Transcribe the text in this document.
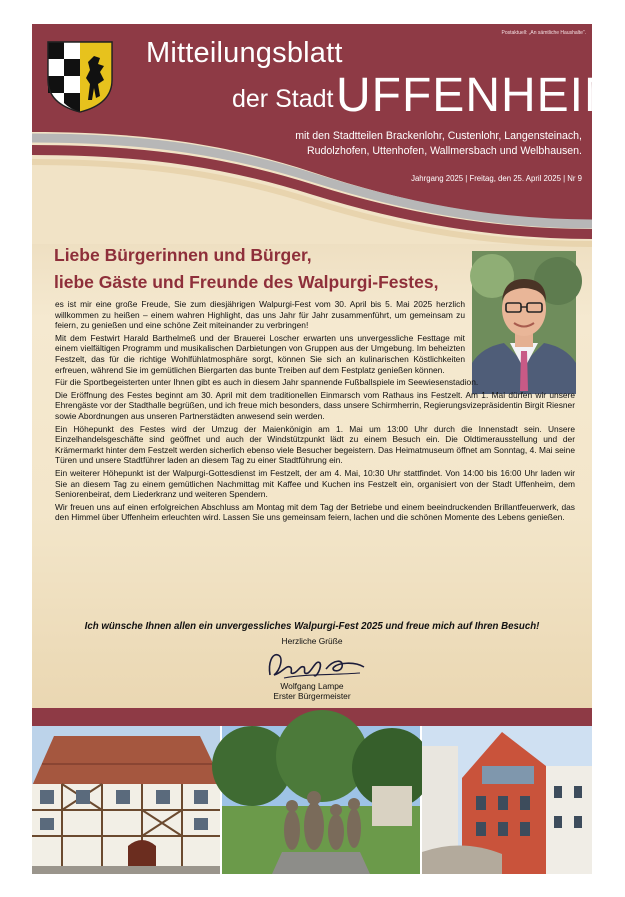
Postaktuell: „An sämtliche Haushalte“.
Mitteilungsblatt
der Stadt UFFENHEIM
mit den Stadtteilen Brackenlohr, Custenlohr, Langensteinach,
Rudolzhofen, Uttenhofen, Wallmersbach und Welbhausen.
Jahrgang 2025 | Freitag, den 25. April 2025 | Nr 9
Liebe Bürgerinnen und Bürger,
liebe Gäste und Freunde des Walpurgi-Festes,

es ist mir eine große Freude, Sie zum diesjährigen Walpurgi-Fest vom 30. April bis 5. Mai 2025 herzlich willkommen zu heißen – einem wahren Highlight, das uns Jahr für Jahr zusammenführt, um gemeinsam zu feiern, zu genießen und eine schöne Zeit miteinander zu verbringen!

Mit dem Festwirt Harald Barthelmeß und der Brauerei Loscher erwarten uns unvergessliche Festtage mit einem vielfältigen Programm und musikalischen Darbietungen von Gruppen aus der Umgebung. Im beheizten Festzelt, das für die richtige Wohlfühlatmosphäre sorgt, können Sie sich an kulinarischen Köstlichkeiten erfreuen, während Sie im gemütlichen Biergarten das bunte Treiben auf dem Festplatz genießen können.

Für die Sportbegeisterten unter Ihnen gibt es auch in diesem Jahr spannende Fußballspiele im Seewiesenstadion.

Die Eröffnung des Festes beginnt am 30. April mit dem traditionellen Einmarsch vom Rathaus ins Festzelt. Am 1. Mai dürfen wir unsere Ehrengäste vor der Stadthalle begrüßen, und ich freue mich besonders, dass unsere Schirmherrin, Regierungsvizepräsidentin Birgit Riesner sowie Abordnungen aus unseren Partnerstädten anwesend sein werden.

Ein Höhepunkt des Festes wird der Umzug der Maienkönigin am 1. Mai um 13:00 Uhr durch die Innenstadt sein. Unsere Einzelhandelsgeschäfte sind geöffnet und auch der Windstützpunkt lädt zu einem Besuch ein. Die Oldtimerausstellung und der Krämermarkt hinter dem Festzelt werden sicherlich ebenso viele Besucher begeistern. Das Heimatmuseum öffnet am Sonntag, 4. Mai seine Türen und unsere Stadtführer laden an diesem Tag zu einer Stadtführung ein.

Ein weiterer Höhepunkt ist der Walpurgi-Gottesdienst im Festzelt, der am 4. Mai, 10:30 Uhr stattfindet. Von 14:00 bis 16:00 Uhr laden wir Sie an diesem Tag zu einem gemütlichen Nachmittag mit Kaffee und Kuchen ins Festzelt ein, organisiert von der Stadt Uffenheim, dem Seniorenbeirat, dem Liederkranz und weiteren Spendern.

Wir freuen uns auf einen erfolgreichen Abschluss am Montag mit dem Tag der Betriebe und einem beeindruckenden Brillantfeuerwerk, das den Himmel über Uffenheim erleuchten wird. Lassen Sie uns gemeinsam feiern, lachen und die schönen Momente des Lebens genießen.

Ich wünsche Ihnen allen ein unvergessliches Walpurgi-Fest 2025 und freue mich auf Ihren Besuch!
Herzliche Grüße
Wolfgang Lampe
Erster Bürgermeister
